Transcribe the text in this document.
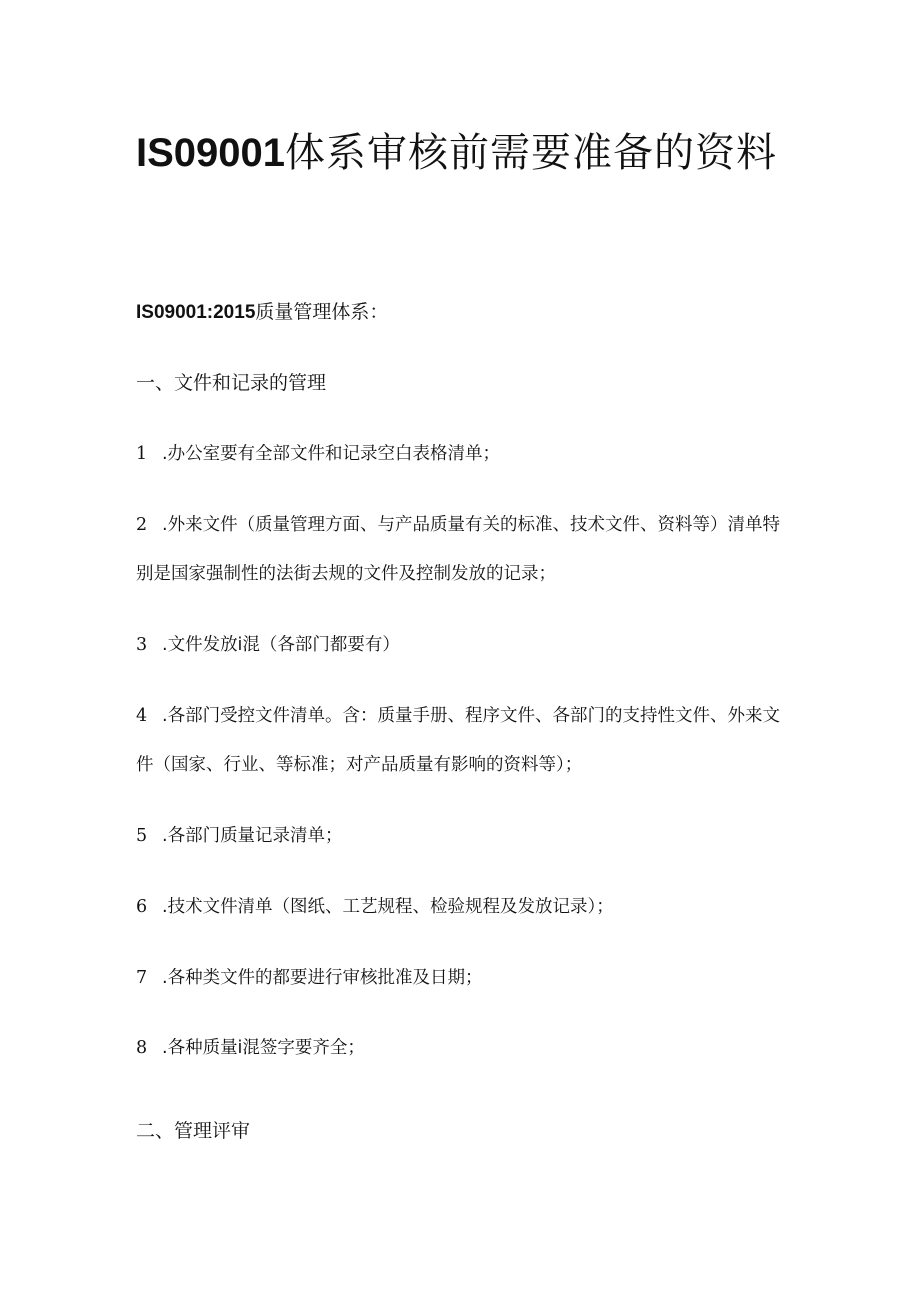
IS09001体系审核前需要准备的资料

IS09001:2015质量管理体系：

一、文件和记录的管理

1 .办公室要有全部文件和记录空白表格清单；

2 .外来文件（质量管理方面、与产品质量有关的标准、技术文件、资料等）清单特别是国家强制性的法街去规的文件及控制发放的记录；

3 .文件发放i混（各部门都要有）

4 .各部门受控文件清单。含：质量手册、程序文件、各部门的支持性文件、外来文件（国家、行业、等标准；对产品质量有影响的资料等）；

5 .各部门质量记录清单；

6 .技术文件清单（图纸、工艺规程、检验规程及发放记录）；

7 .各种类文件的都要进行审核批准及日期；

8 .各种质量i混签字要齐全；

二、管理评审
